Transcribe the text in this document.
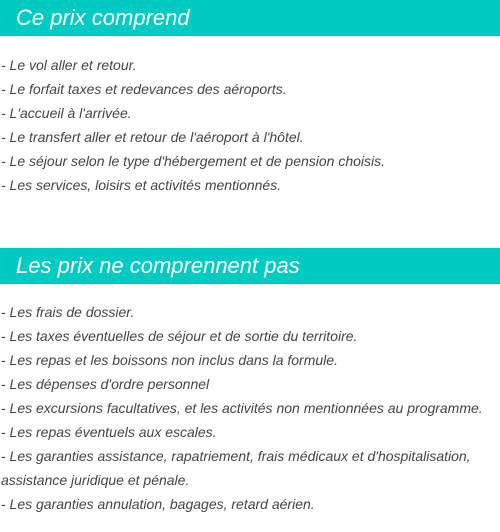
Ce prix comprend
- Le vol aller et retour.
- Le forfait taxes et redevances des aéroports.
- L'accueil à l'arrivée.
- Le transfert aller et retour de l'aéroport à l'hôtel.
- Le séjour selon le type d'hébergement et de pension choisis.
- Les services, loisirs et activités mentionnés.
Les prix ne comprennent pas
- Les frais de dossier.
- Les taxes éventuelles de séjour et de sortie du territoire.
- Les repas et les boissons non inclus dans la formule.
- Les dépenses d'ordre personnel
- Les excursions facultatives, et les activités non mentionnées au programme.
- Les repas éventuels aux escales.
- Les garanties assistance, rapatriement, frais médicaux et d'hospitalisation, assistance juridique et pénale.
- Les garanties annulation, bagages, retard aérien.
